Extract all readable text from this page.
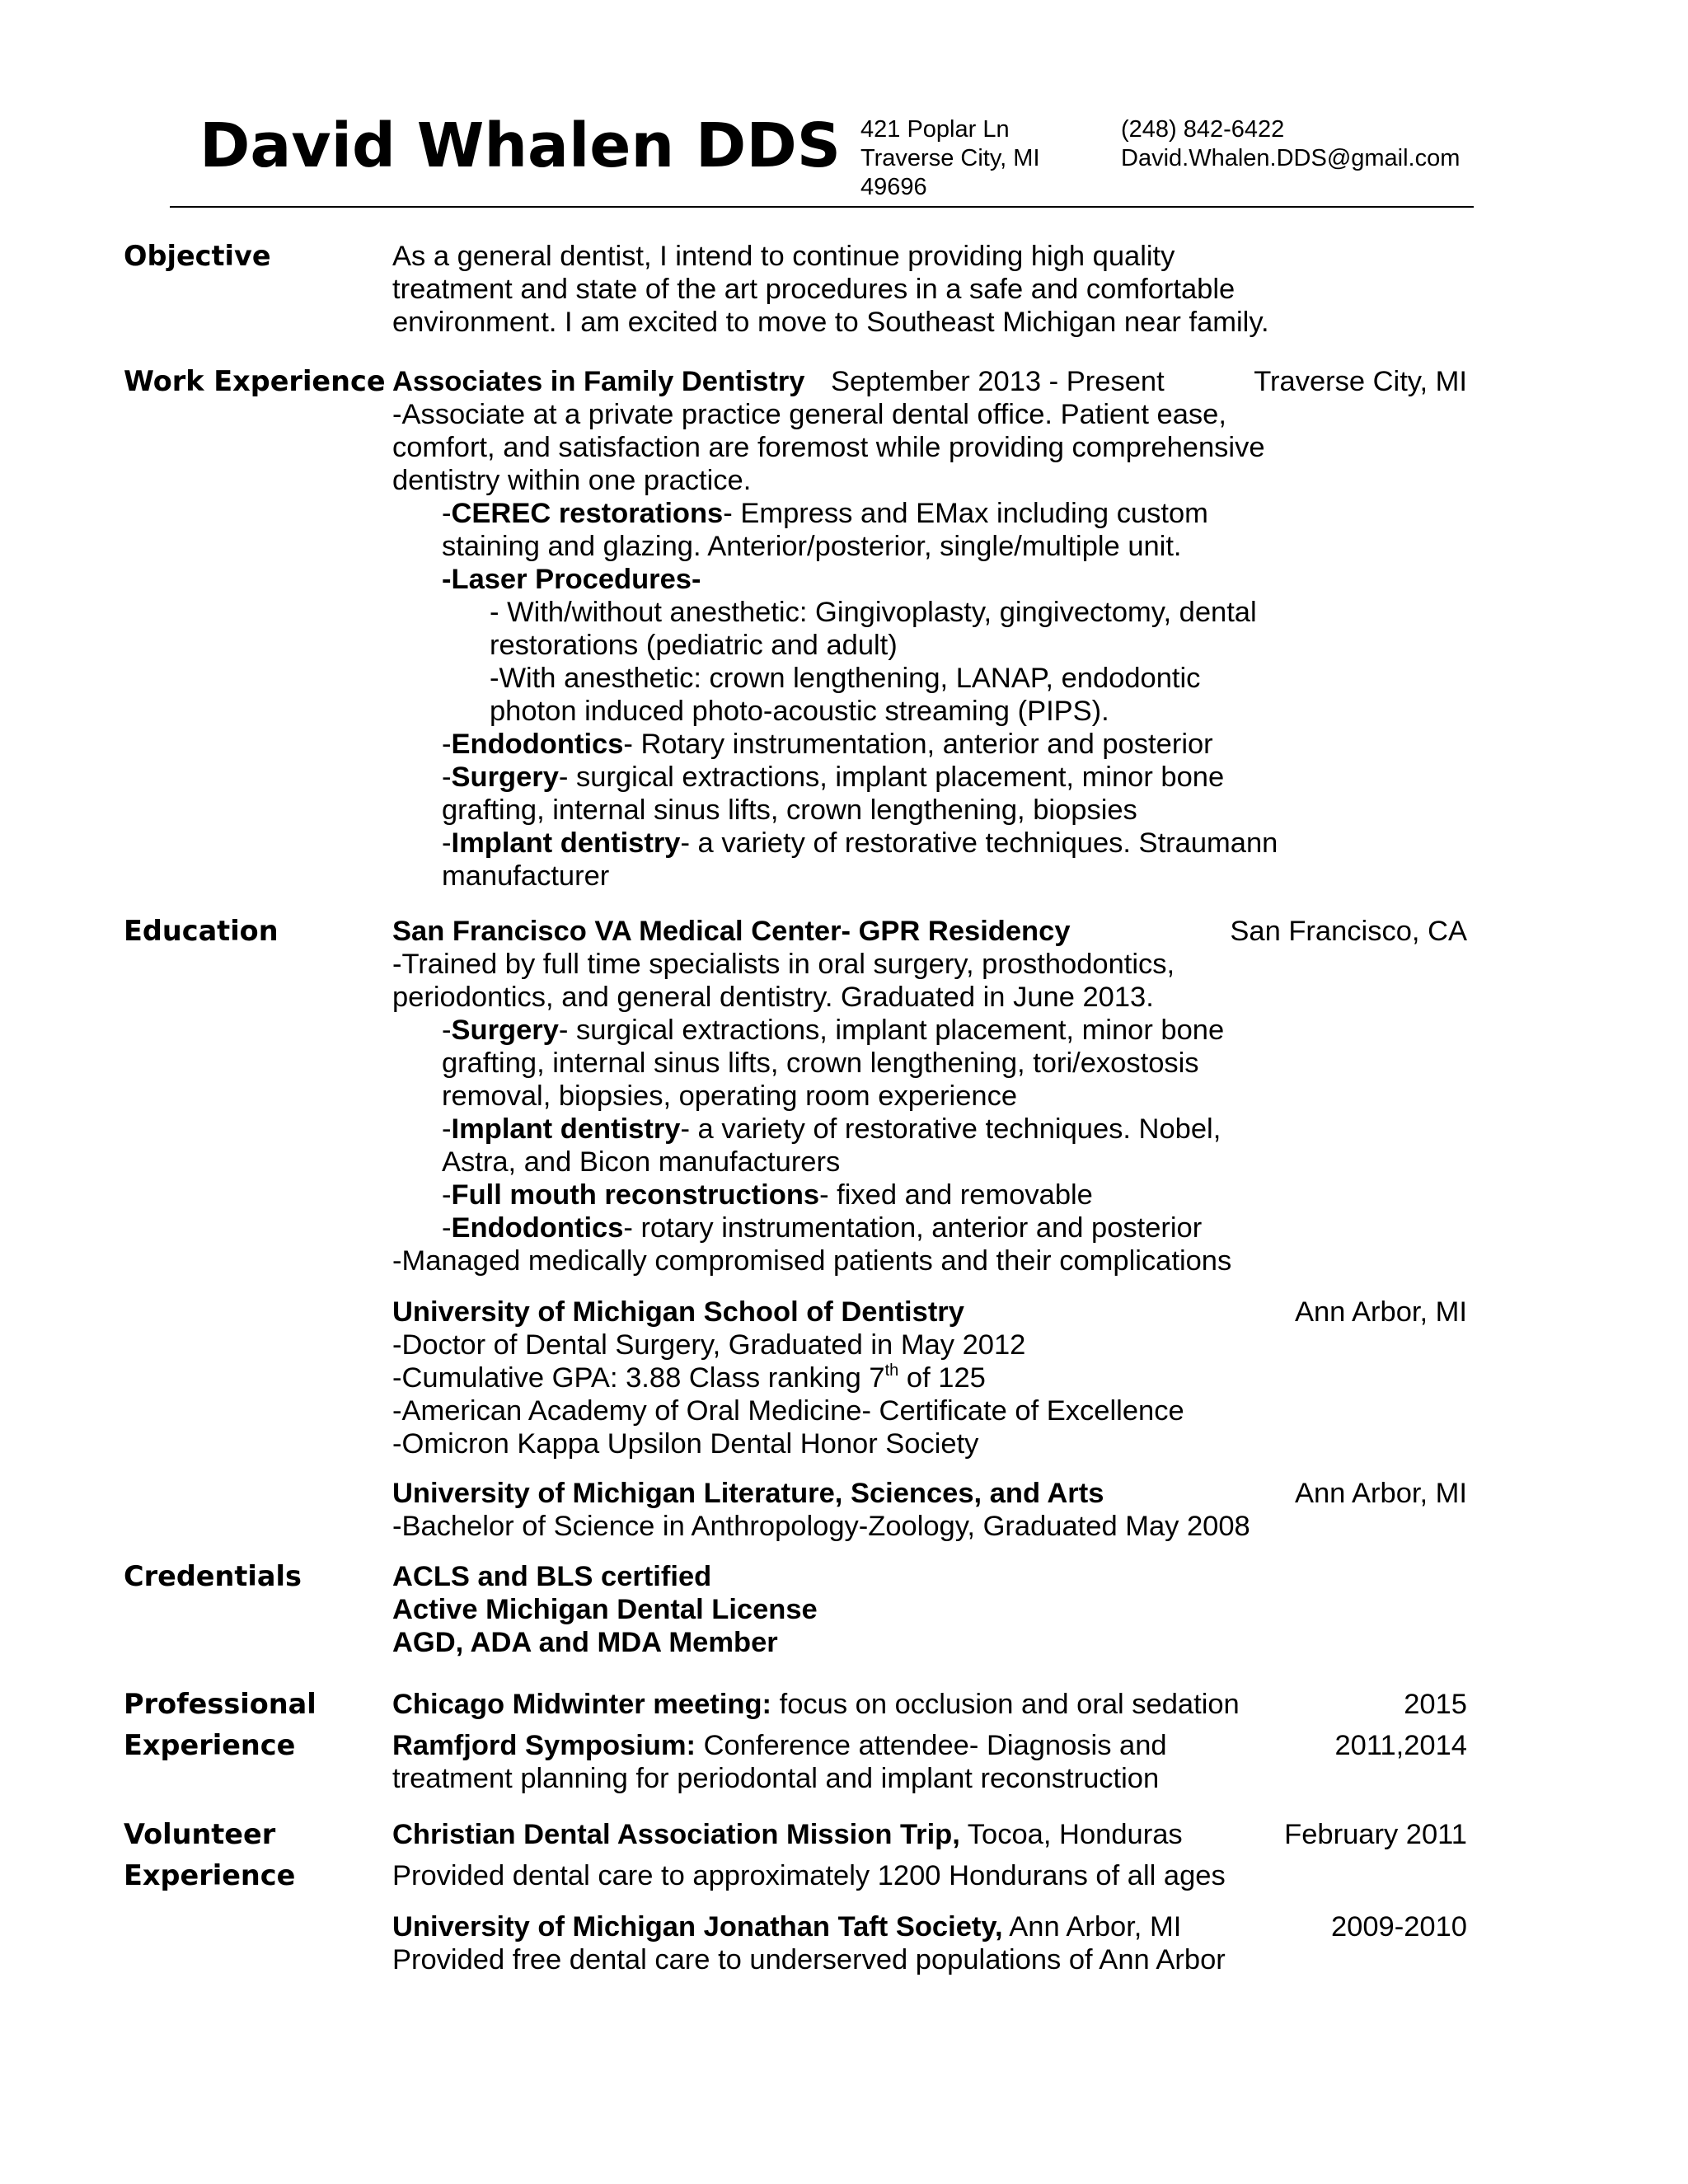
David Whalen DDS 421 Poplar Ln
Traverse City, MI
49696
(248) 842-6422
David.Whalen.DDS@gmail.com
Objective	As a general dentist, I intend to continue providing high quality
treatment and state of the art procedures in a safe and comfortable
environment. I am excited to move to Southeast Michigan near family.
Work Experience Associates in Family Dentistry September 2013 - Present	Traverse City, MI
-Associate at a private practice general dental office. Patient ease,
comfort, and satisfaction are foremost while providing comprehensive
dentistry within one practice.
-CEREC restorations- Empress and EMax including custom
staining and glazing. Anterior/posterior, single/multiple unit.
-Laser Procedures-
- With/without anesthetic: Gingivoplasty, gingivectomy, dental
restorations (pediatric and adult)
-With anesthetic: crown lengthening, LANAP, endodontic
photon induced photo-acoustic streaming (PIPS).
-Endodontics- Rotary instrumentation, anterior and posterior
-Surgery- surgical extractions, implant placement, minor bone
grafting, internal sinus lifts, crown lengthening, biopsies
-Implant dentistry- a variety of restorative techniques. Straumann
manufacturer
Education	San Francisco VA Medical Center- GPR Residency	San Francisco, CA
-Trained by full time specialists in oral surgery, prosthodontics,
periodontics, and general dentistry. Graduated in June 2013.
-Surgery- surgical extractions, implant placement, minor bone
grafting, internal sinus lifts, crown lengthening, tori/exostosis
removal, biopsies, operating room experience
-Implant dentistry- a variety of restorative techniques. Nobel,
Astra, and Bicon manufacturers
-Full mouth reconstructions- fixed and removable
-Endodontics- rotary instrumentation, anterior and posterior
-Managed medically compromised patients and their complications
University of Michigan School of Dentistry	Ann Arbor, MI
-Doctor of Dental Surgery, Graduated in May 2012
-Cumulative GPA: 3.88 Class ranking 7th of 125
-American Academy of Oral Medicine- Certificate of Excellence
-Omicron Kappa Upsilon Dental Honor Society
University of Michigan Literature, Sciences, and Arts	Ann Arbor, MI
-Bachelor of Science in Anthropology-Zoology, Graduated May 2008
Credentials	ACLS and BLS certified
Active Michigan Dental License
AGD, ADA and MDA Member
Professional
Experience
Chicago Midwinter meeting: focus on occlusion and oral sedation	2015
Ramfjord Symposium: Conference attendee- Diagnosis and	2011,2014
treatment planning for periodontal and implant reconstruction
Volunteer
Experience
Christian Dental Association Mission Trip, Tocoa, Honduras	February 2011
Provided dental care to approximately 1200 Hondurans of all ages
University of Michigan Jonathan Taft Society, Ann Arbor, MI	2009-2010
Provided free dental care to underserved populations of Ann Arbor
